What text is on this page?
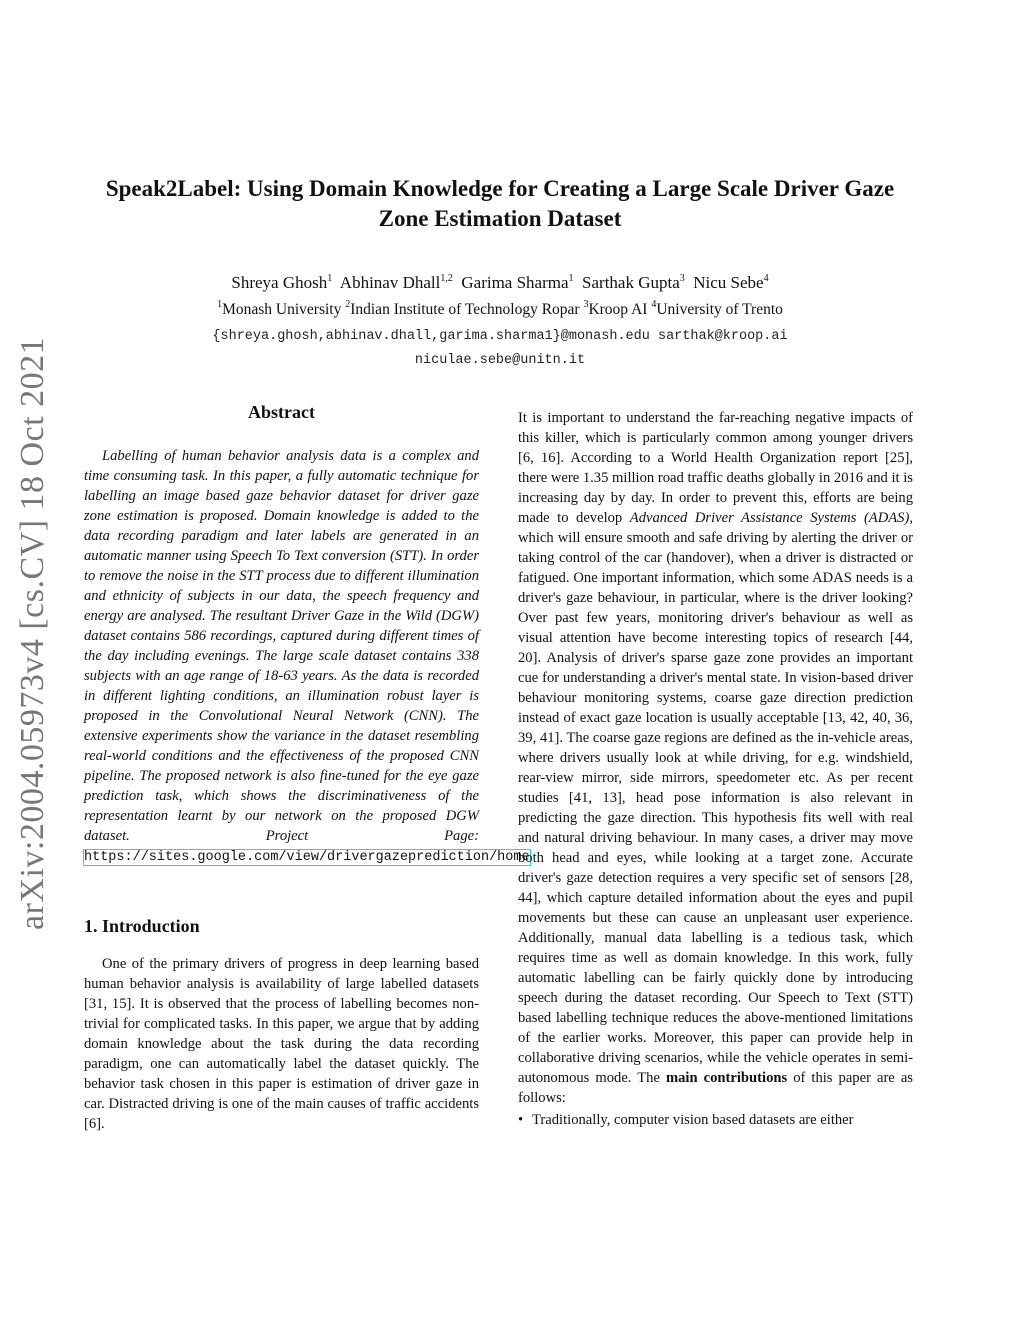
arXiv:2004.05973v4 [cs.CV] 18 Oct 2021
Speak2Label: Using Domain Knowledge for Creating a Large Scale Driver Gaze Zone Estimation Dataset
Shreya Ghosh$^1$ Abhinav Dhall$^{1,2}$ Garima Sharma$^1$ Sarthak Gupta$^3$ Nicu Sebe$^4$
$^1$Monash University $^2$Indian Institute of Technology Ropar $^3$Kroop AI $^4$University of Trento
{shreya.ghosh,abhinav.dhall,garima.sharma1}@monash.edu sarthak@kroop.ai
niculae.sebe@unitn.it
Abstract

Labelling of human behavior analysis data is a complex and time consuming task. In this paper, a fully automatic technique for labelling an image based gaze behavior dataset for driver gaze zone estimation is proposed. Domain knowledge is added to the data recording paradigm and later labels are generated in an automatic manner using Speech To Text conversion (STT). In order to remove the noise in the STT process due to different illumination and ethnicity of subjects in our data, the speech frequency and energy are analysed. The resultant Driver Gaze in the Wild (DGW) dataset contains 586 recordings, captured during different times of the day including evenings. The large scale dataset contains 338 subjects with an age range of 18-63 years. As the data is recorded in different lighting conditions, an illumination robust layer is proposed in the Convolutional Neural Network (CNN). The extensive experiments show the variance in the dataset resembling real-world conditions and the effectiveness of the proposed CNN pipeline. The proposed network is also fine-tuned for the eye gaze prediction task, which shows the discriminativeness of the representation learnt by our network on the proposed DGW dataset. Project Page: https://sites.google.com/view/drivergazeprediction/home

1. Introduction

One of the primary drivers of progress in deep learning based human behavior analysis is availability of large labelled datasets [31, 15]. It is observed that the process of labelling becomes non-trivial for complicated tasks. In this paper, we argue that by adding domain knowledge about the task during the data recording paradigm, one can automatically label the dataset quickly. The behavior task chosen in this paper is estimation of driver gaze in car. Distracted driving is one of the main causes of traffic accidents [6].

It is important to understand the far-reaching negative impacts of this killer, which is particularly common among younger drivers [6, 16]. According to a World Health Organization report [25], there were 1.35 million road traffic deaths globally in 2016 and it is increasing day by day. In order to prevent this, efforts are being made to develop Advanced Driver Assistance Systems (ADAS), which will ensure smooth and safe driving by alerting the driver or taking control of the car (handover), when a driver is distracted or fatigued. One important information, which some ADAS needs is a driver's gaze behaviour, in particular, where is the driver looking? Over past few years, monitoring driver's behaviour as well as visual attention have become interesting topics of research [44, 20]. Analysis of driver's sparse gaze zone provides an important cue for understanding a driver's mental state. In vision-based driver behaviour monitoring systems, coarse gaze direction prediction instead of exact gaze location is usually acceptable [13, 42, 40, 36, 39, 41]. The coarse gaze regions are defined as the in-vehicle areas, where drivers usually look at while driving, for e.g. windshield, rear-view mirror, side mirrors, speedometer etc. As per recent studies [41, 13], head pose information is also relevant in predicting the gaze direction. This hypothesis fits well with real and natural driving behaviour. In many cases, a driver may move both head and eyes, while looking at a target zone. Accurate driver's gaze detection requires a very specific set of sensors [28, 44], which capture detailed information about the eyes and pupil movements but these can cause an unpleasant user experience. Additionally, manual data labelling is a tedious task, which requires time as well as domain knowledge. In this work, fully automatic labelling can be fairly quickly done by introducing speech during the dataset recording. Our Speech to Text (STT) based labelling technique reduces the above-mentioned limitations of the earlier works. Moreover, this paper can provide help in collaborative driving scenarios, while the vehicle operates in semi-autonomous mode. The main contributions of this paper are as follows:

• Traditionally, computer vision based datasets are either
